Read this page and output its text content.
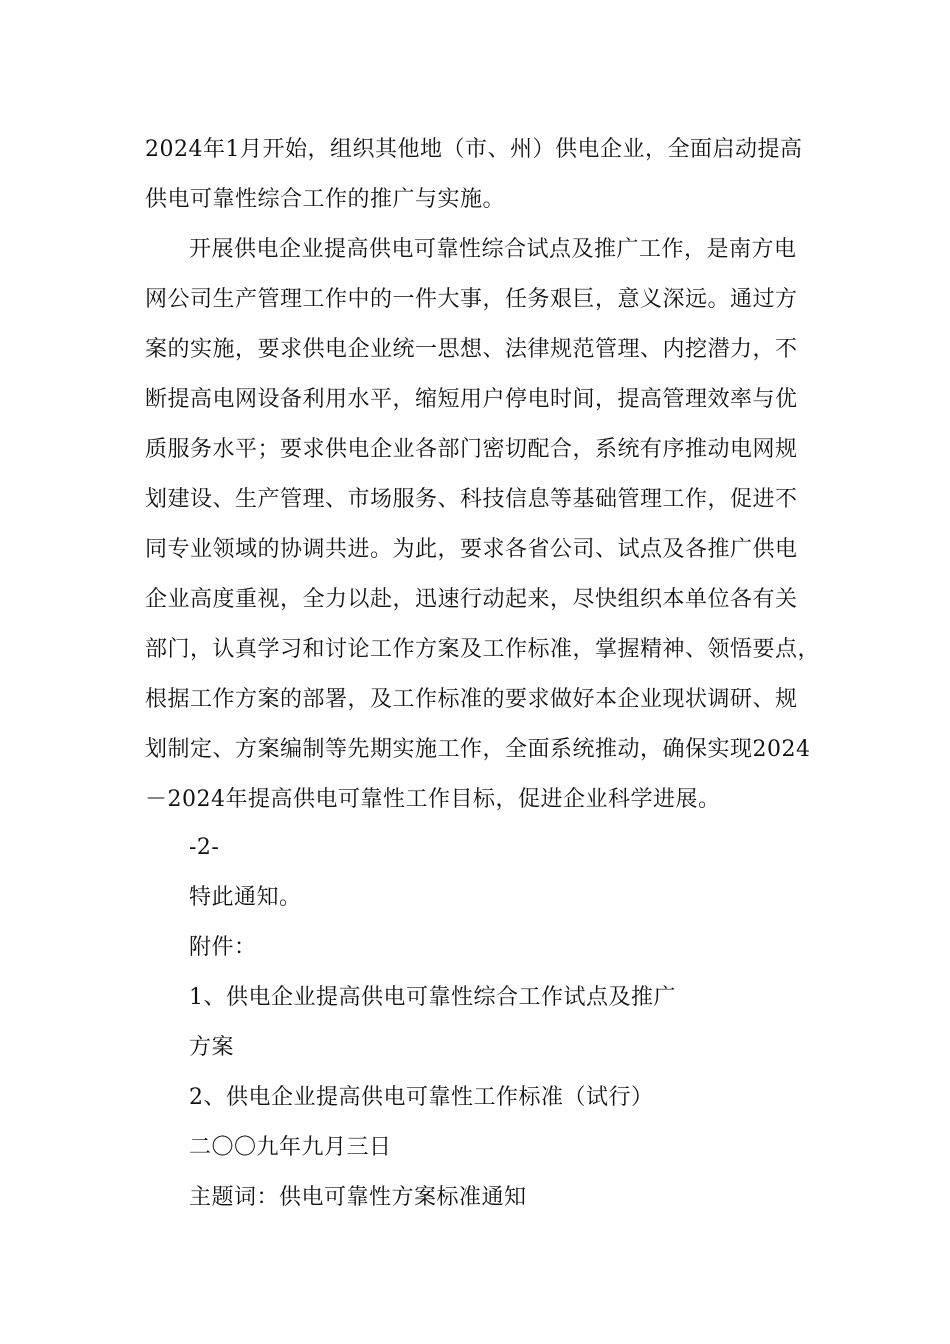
2024年1月开始，组织其他地（市、州）供电企业，全面启动提高
供电可靠性综合工作的推广与实施。
开展供电企业提高供电可靠性综合试点及推广工作，是南方电
网公司生产管理工作中的一件大事，任务艰巨，意义深远。通过方
案的实施，要求供电企业统一思想、法律规范管理、内挖潜力，不
断提高电网设备利用水平，缩短用户停电时间，提高管理效率与优
质服务水平；要求供电企业各部门密切配合，系统有序推动电网规
划建设、生产管理、市场服务、科技信息等基础管理工作，促进不
同专业领域的协调共进。为此，要求各省公司、试点及各推广供电
企业高度重视，全力以赴，迅速行动起来，尽快组织本单位各有关
部门，认真学习和讨论工作方案及工作标准，掌握精神、领悟要点，
根据工作方案的部署，及工作标准的要求做好本企业现状调研、规
划制定、方案编制等先期实施工作，全面系统推动，确保实现2024
－2024年提高供电可靠性工作目标，促进企业科学进展。
-2-
特此通知。
附件：
1、供电企业提高供电可靠性综合工作试点及推广
方案
2、供电企业提高供电可靠性工作标准（试行）
二〇〇九年九月三日
主题词：供电可靠性方案标准通知
